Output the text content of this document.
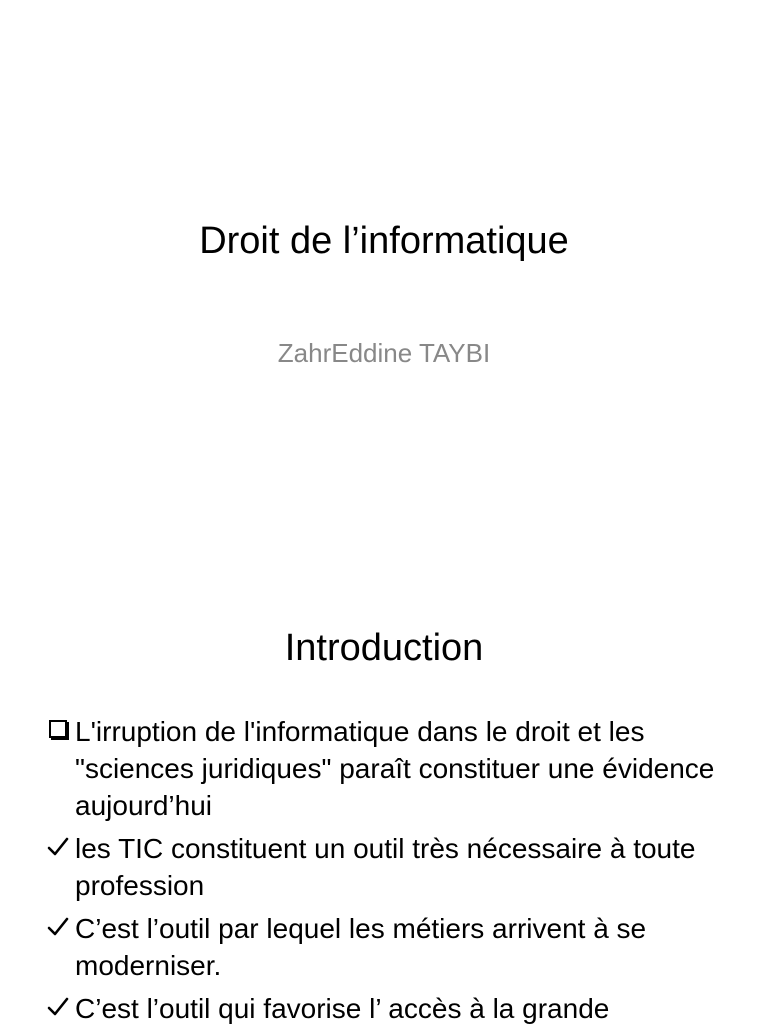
Droit de l’informatique
ZahrEddine TAYBI
Introduction
L'irruption de l'informatique dans le droit et les "sciences juridiques" paraît constituer une évidence aujourd’hui
les TIC constituent un outil très nécessaire à toute profession
C’est l’outil par lequel les métiers arrivent à se moderniser.
C’est l’outil qui favorise l’ accès à la grande
